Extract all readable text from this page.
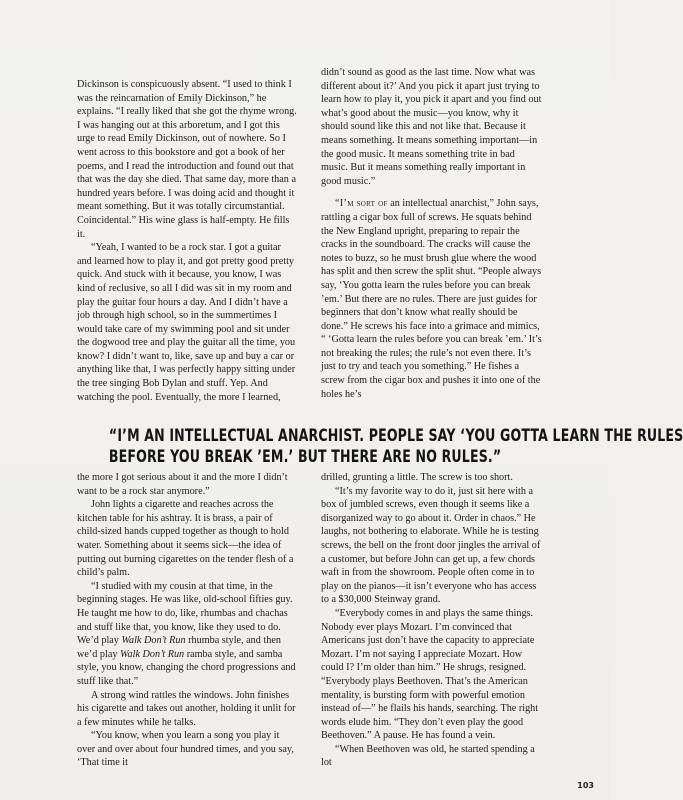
Dickinson is conspicuously absent. “I used to think I was the reincarnation of Emily Dickinson,” he explains. “I really liked that she got the rhyme wrong. I was hanging out at this arboretum, and I got this urge to read Emily Dickinson, out of nowhere. So I went across to this bookstore and got a book of her poems, and I read the introduction and found out that that was the day she died. That same day, more than a hundred years before. I was doing acid and thought it meant something. But it was totally circumstantial. Coincidental.” His wine glass is half-empty. He fills it.

“Yeah, I wanted to be a rock star. I got a guitar and learned how to play it, and got pretty good pretty quick. And stuck with it because, you know, I was kind of reclusive, so all I did was sit in my room and play the guitar four hours a day. And I didn’t have a job through high school, so in the summertimes I would take care of my swimming pool and sit under the dogwood tree and play the guitar all the time, you know? I didn’t want to, like, save up and buy a car or anything like that, I was perfectly happy sitting under the tree singing Bob Dylan and stuff. Yep. And watching the pool. Eventually, the more I learned,

didn’t sound as good as the last time. Now what was different about it?’ And you pick it apart just trying to learn how to play it, you pick it apart and you find out what’s good about the music—you know, why it should sound like this and not like that. Because it means something. It means something important—in the good music. It means something trite in bad music. But it means something really important in good music.”

“I’m sort of an intellectual anarchist,” John says, rattling a cigar box full of screws. He squats behind the New England upright, preparing to repair the cracks in the soundboard. The cracks will cause the notes to buzz, so he must brush glue where the wood has split and then screw the split shut. “People always say, ‘You gotta learn the rules before you can break ’em.’ But there are no rules. There are just guides for beginners that don’t know what really should be done.” He screws his face into a grimace and mimics, “ ‘Gotta learn the rules before you can break ’em.’ It’s not breaking the rules; the rule’s not even there. It’s just to try and teach you something.” He fishes a screw from the cigar box and pushes it into one of the holes he’s

“I’M AN INTELLECTUAL ANARCHIST. PEOPLE SAY ‘YOU GOTTA LEARN THE RULES
BEFORE YOU BREAK ’EM.’ BUT THERE ARE NO RULES.”

the more I got serious about it and the more I didn’t want to be a rock star anymore.”

John lights a cigarette and reaches across the kitchen table for his ashtray. It is brass, a pair of child-sized hands cupped together as though to hold water. Something about it seems sick—the idea of putting out burning cigarettes on the tender flesh of a child’s palm.

“I studied with my cousin at that time, in the beginning stages. He was like, old-school fifties guy. He taught me how to do, like, rhumbas and chachas and stuff like that, you know, like they used to do. We’d play Walk Don’t Run rhumba style, and then we’d play Walk Don’t Run ramba style, and samba style, you know, changing the chord progressions and stuff like that.”

A strong wind rattles the windows. John finishes his cigarette and takes out another, holding it unlit for a few minutes while he talks.

“You know, when you learn a song you play it over and over about four hundred times, and you say, ‘That time it

drilled, grunting a little. The screw is too short.

“It’s my favorite way to do it, just sit here with a box of jumbled screws, even though it seems like a disorganized way to go about it. Order in chaos.” He laughs, not bothering to elaborate. While he is testing screws, the bell on the front door jingles the arrival of a customer, but before John can get up, a few chords waft in from the showroom. People often come in to play on the pianos—it isn’t everyone who has access to a $30,000 Steinway grand.

“Everybody comes in and plays the same things. Nobody ever plays Mozart. I’m convinced that Americans just don’t have the capacity to appreciate Mozart. I’m not saying I appreciate Mozart. How could I? I’m older than him.” He shrugs, resigned. “Everybody plays Beethoven. That’s the American mentality, is bursting form with powerful emotion instead of—” he flails his hands, searching. The right words elude him. “They don’t even play the good Beethoven.” A pause. He has found a vein.

“When Beethoven was old, he started spending a lot

103
